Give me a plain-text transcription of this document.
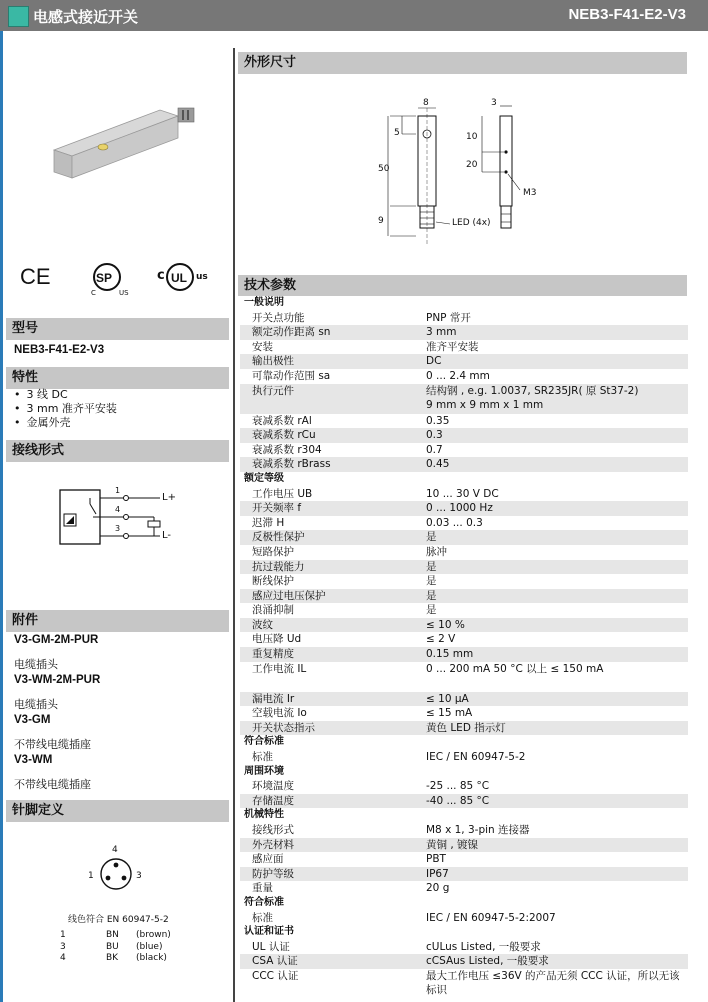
电感式接近开关	NEB3-F41-E2-V3
CE	SP
C	US
c UL us
型号
NEB3-F41-E2-V3
特性
• 3 线 DC
• 3 mm 准齐平安装
• 金属外壳
接线形式
1
4
3
L+
L-
附件
V3-GM-2M-PUR
电缆插头
V3-WM-2M-PUR
电缆插头
V3-GM
不带线电缆插座
V3-WM
不带线电缆插座
针脚定义
4
1	3
线色符合 EN 60947-5-2
1	BN (brown)
3	BU (blue)
4	BK (black)
外形尺寸
8	3
5	10
50	20
M3
9	LED (4x)
技术参数
一般说明	
开关点功能	PNP 常开

额定动作距离 sn	3 mm

安装	准齐平安装

输出极性	DC

可靠动作范围 sa	0 ... 2.4 mm

执行元件	结构钢 , e.g. 1.0037, SR235JR( 原 St37-2)
9 mm x 9 mm x 1 mm

衰减系数 rAl	0.35

衰减系数 rCu	0.3

衰减系数 r304	0.7

衰减系数 rBrass	0.45

额定等级	
工作电压 UB	10 ... 30 V DC

开关频率 f	0 ... 1000 Hz

迟滞 H	0.03 ... 0.3

反极性保护	是

短路保护	脉冲

抗过载能力	是

断线保护	是

感应过电压保护	是

浪涌抑制	是

波纹	≤ 10 %

电压降 Ud	≤ 2 V

重复精度	0.15 mm

工作电流 IL	0 ... 200 mA 50 °C 以上 ≤ 150 mA

漏电流 Ir	≤ 10 µA

空载电流 Io	≤ 15 mA

开关状态指示	黄色 LED 指示灯

符合标准	
标准	IEC / EN 60947-5-2

周围环境	
环境温度	-25 ... 85 °C

存储温度	-40 ... 85 °C

机械特性	
接线形式	M8 x 1, 3-pin 连接器

外壳材料	黄铜 , 镀镍

感应面	PBT

防护等级	IP67

重量	20 g

符合标准	
标准	IEC / EN 60947-5-2:2007

认证和证书	
UL 认证	cULus Listed, 一般要求

CSA 认证	cCSAus Listed, 一般要求

CCC 认证	最大工作电压 ≤36V 的产品无须 CCC 认证，所以无该标识
